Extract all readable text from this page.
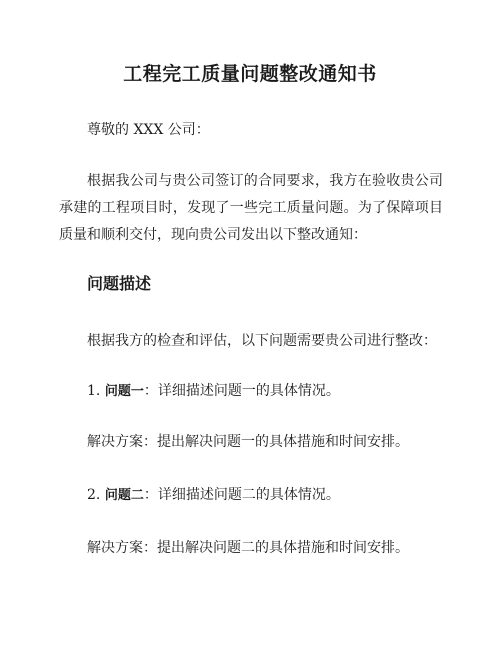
工程完工质量问题整改通知书

尊敬的 XXX 公司：

根据我公司与贵公司签订的合同要求，我方在验收贵公司承建的工程项目时，发现了一些完工质量问题。为了保障项目质量和顺利交付，现向贵公司发出以下整改通知：

问题描述

根据我方的检查和评估，以下问题需要贵公司进行整改：

1. 问题一：详细描述问题一的具体情况。

解决方案：提出解决问题一的具体措施和时间安排。

2. 问题二：详细描述问题二的具体情况。

解决方案：提出解决问题二的具体措施和时间安排。
